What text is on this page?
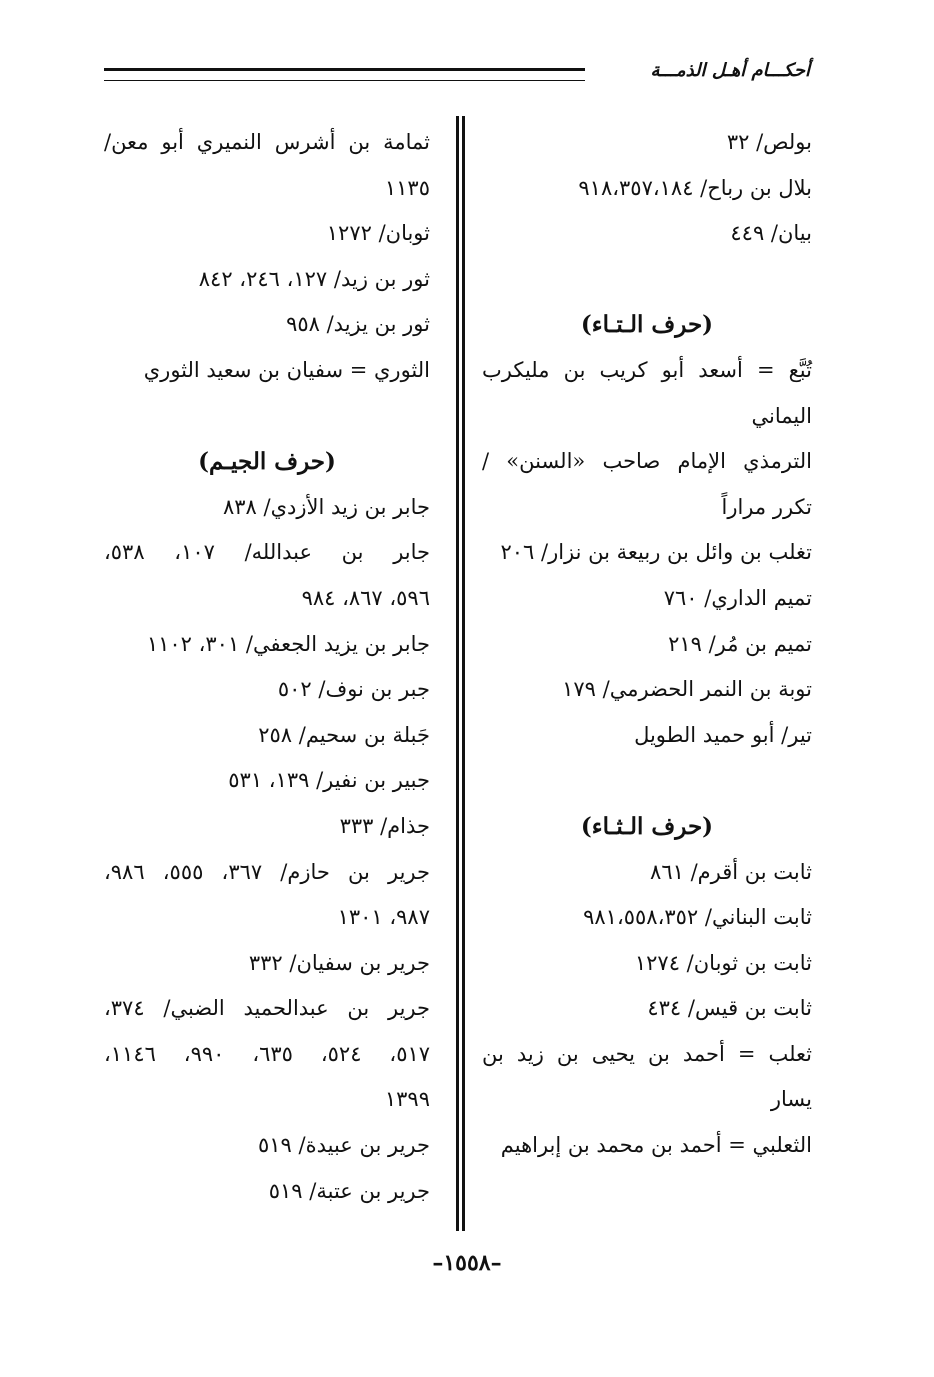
أحكـــام أهـل الذمـــة
بولص/ ٣٢
بلال بن رباح/ ٩١٨،٣٥٧،١٨٤
بيان/ ٤٤٩
(حرف الـتـاء)
تُبَّع = أسعد أبو كريب بن مليكرب
اليماني
الترمذي الإمام صاحب «السنن» /
تكرر مراراً
تغلب بن وائل بن ربيعة بن نزار/ ٢٠٦
تميم الداري/ ٧٦٠
تميم بن مُر/ ٢١٩
توبة بن النمر الحضرمي/ ١٧٩
تير/ أبو حميد الطويل
(حرف الـثـاء)
ثابت بن أقرم/ ٨٦١
ثابت البناني/ ٩٨١،٥٥٨،٣٥٢
ثابت بن ثوبان/ ١٢٧٤
ثابت بن قيس/ ٤٣٤
ثعلب = أحمد بن يحيى بن زيد بن
يسار
الثعلبي = أحمد بن محمد بن إبراهيم
ثمامة بن أشرس النميري أبو معن/
١١٣٥
ثوبان/ ١٢٧٢
ثور بن زيد/ ١٢٧، ٢٤٦، ٨٤٢
ثور بن يزيد/ ٩٥٨
الثوري = سفيان بن سعيد الثوري
(حرف الجيـم)
جابر بن زيد الأزدي/ ٨٣٨
جابر بن عبدالله/ ١٠٧، ٥٣٨،
٥٩٦، ٨٦٧، ٩٨٤
جابر بن يزيد الجعفي/ ٣٠١، ١١٠٢
جبر بن نوف/ ٥٠٢
جَبلة بن سحيم/ ٢٥٨
جبير بن نفير/ ١٣٩، ٥٣١
جذام/ ٣٣٣
جرير بن حازم/ ٣٦٧، ٥٥٥، ٩٨٦،
٩٨٧، ١٣٠١
جرير بن سفيان/ ٣٣٢
جرير بن عبدالحميد الضبي/ ٣٧٤،
٥١٧، ٥٢٤، ٦٣٥، ٩٩٠، ١١٤٦،
١٣٩٩
جرير بن عبيدة/ ٥١٩
جرير بن عتبة/ ٥١٩
–١٥٥٨–
